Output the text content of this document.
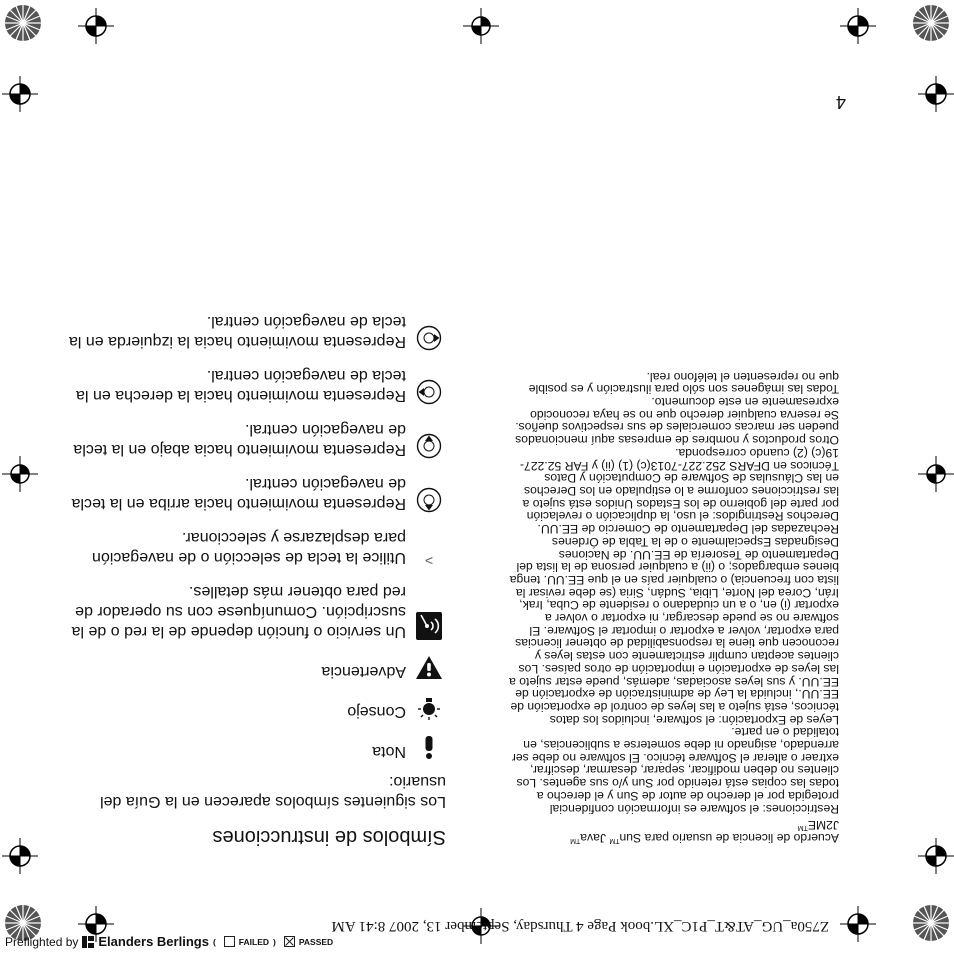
Z750a_UG_AT&T_P1C_XL.book Page 4 Thursday, September 13, 2007 8:41 AM
4
Símbolos de instrucciones
Los siguientes símbolos aparecen en la Guía del usuario:
Nota
Consejo
Advertencia
Un servicio o función depende de la red o de la suscripción. Comuníquese con su operador de red para obtener más detalles.
>
Utilice la tecla de selección o de navegación para desplazarse y seleccionar.
Representa movimiento hacia arriba en la tecla de navegación central.
Representa movimiento hacia abajo en la tecla de navegación central.
Representa movimiento hacia la derecha en la tecla de navegación central.
Representa movimiento hacia la izquierda en la tecla de navegación central.

Acuerdo de licencia de usuario para Sun™ Java™
J2ME™

Restricciones: el software es información confidencial protegida por el derecho de autor de Sun y el derecho a todas las copias está retenido por Sun y/o sus agentes. Los clientes no deben modificar, separar, desarmar, descifrar, extraer o alterar el Software técnico. El software no debe ser arrendado, asignado ni debe someterse a sublicencias, en totalidad o en parte.

Leyes de Exportación: el software, incluidos los datos técnicos, está sujeto a las leyes de control de exportación de EE.UU., incluida la Ley de administración de exportación de EE.UU. y sus leyes asociadas, además, puede estar sujeto a las leyes de exportación e importación de otros países. Los clientes aceptan cumplir estrictamente con estas leyes y reconocen que tiene la responsabilidad de obtener licencias para exportar, volver a exportar o importar el Software. El software no se puede descargar, ni exportar o volver a exportar (i) en, o a un ciudadano o residente de Cuba, Irak, Irán, Corea del Norte, Libia, Sudán, Siria (se debe revisar la lista con frecuencia) o cualquier país en el que EE.UU. tenga bienes embargados; o (ii) a cualquier persona de la lista del Departamento de Tesorería de EE.UU. de Naciones Designadas Especialmente o de la Tabla de Órdenes Rechazadas del Departamento de Comercio de EE.UU.

Derechos Restringidos: el uso, la duplicación o revelación por parte del gobierno de los Estados Unidos está sujeto a las restricciones conforme a lo estipulado en los Derechos en las Cláusulas de Software de Computación y Datos Técnicos en DFARS 252.227-7013(c) (1) (ii) y FAR 52.227-19(c) (2) cuando corresponda.

Otros productos y nombres de empresas aquí mencionados pueden ser marcas comerciales de sus respectivos dueños.

Se reserva cualquier derecho que no se haya reconocido expresamente en este documento.

Todas las imágenes son sólo para ilustración y es posible que no representen el teléfono real.

Preflighted by Elanders Berlings (	FAILED )	PASSED
